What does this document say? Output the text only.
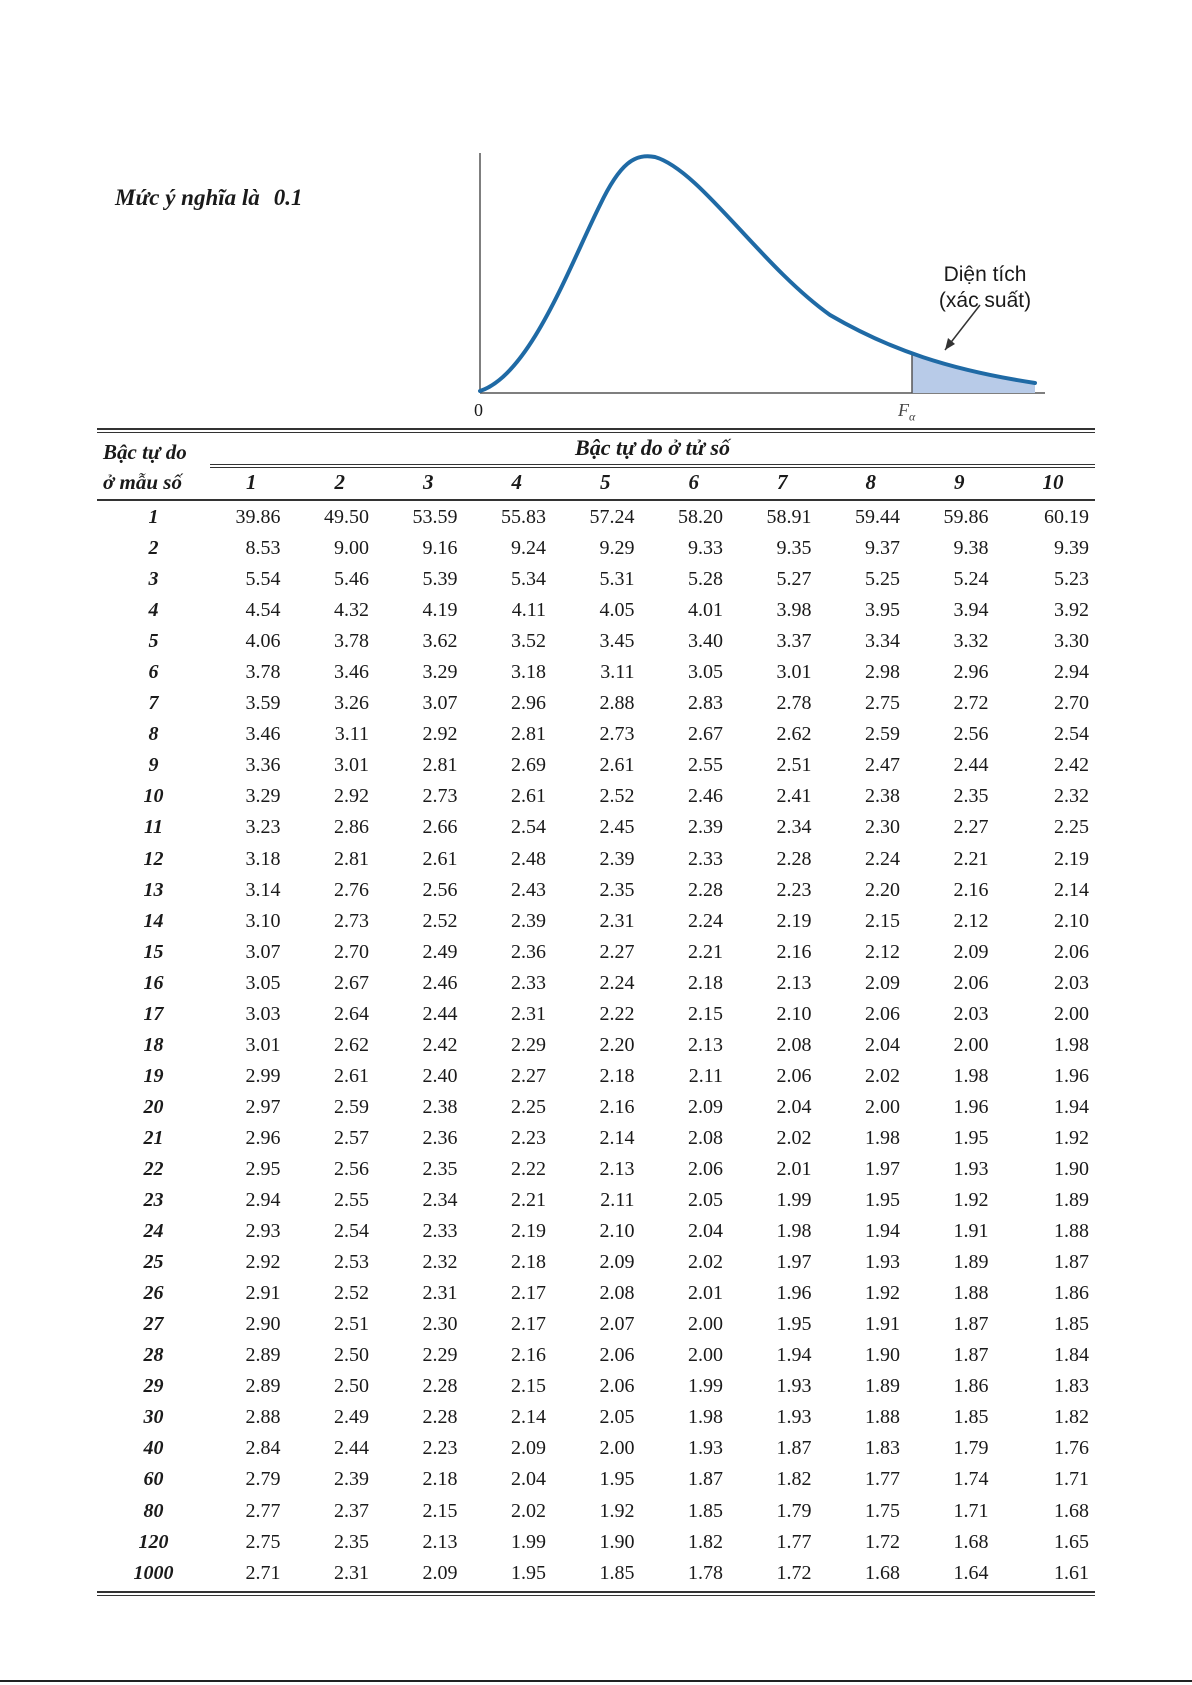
Mức ý nghĩa là 0.1
Diện tích
(xác suất)
0	$F_\alpha$
Bậc tự do
ở mẫu số
Bậc tự do ở tử số
1	2	3	4	5	6	7	8	9	10
1	39.86	49.50	53.59	55.83	57.24	58.20	58.91	59.44	59.86	60.19
2	8.53	9.00	9.16	9.24	9.29	9.33	9.35	9.37	9.38	9.39
3	5.54	5.46	5.39	5.34	5.31	5.28	5.27	5.25	5.24	5.23
4	4.54	4.32	4.19	4.11	4.05	4.01	3.98	3.95	3.94	3.92
5	4.06	3.78	3.62	3.52	3.45	3.40	3.37	3.34	3.32	3.30
6	3.78	3.46	3.29	3.18	3.11	3.05	3.01	2.98	2.96	2.94
7	3.59	3.26	3.07	2.96	2.88	2.83	2.78	2.75	2.72	2.70
8	3.46	3.11	2.92	2.81	2.73	2.67	2.62	2.59	2.56	2.54
9	3.36	3.01	2.81	2.69	2.61	2.55	2.51	2.47	2.44	2.42
10	3.29	2.92	2.73	2.61	2.52	2.46	2.41	2.38	2.35	2.32
11	3.23	2.86	2.66	2.54	2.45	2.39	2.34	2.30	2.27	2.25
12	3.18	2.81	2.61	2.48	2.39	2.33	2.28	2.24	2.21	2.19
13	3.14	2.76	2.56	2.43	2.35	2.28	2.23	2.20	2.16	2.14
14	3.10	2.73	2.52	2.39	2.31	2.24	2.19	2.15	2.12	2.10
15	3.07	2.70	2.49	2.36	2.27	2.21	2.16	2.12	2.09	2.06
16	3.05	2.67	2.46	2.33	2.24	2.18	2.13	2.09	2.06	2.03
17	3.03	2.64	2.44	2.31	2.22	2.15	2.10	2.06	2.03	2.00
18	3.01	2.62	2.42	2.29	2.20	2.13	2.08	2.04	2.00	1.98
19	2.99	2.61	2.40	2.27	2.18	2.11	2.06	2.02	1.98	1.96
20	2.97	2.59	2.38	2.25	2.16	2.09	2.04	2.00	1.96	1.94
21	2.96	2.57	2.36	2.23	2.14	2.08	2.02	1.98	1.95	1.92
22	2.95	2.56	2.35	2.22	2.13	2.06	2.01	1.97	1.93	1.90
23	2.94	2.55	2.34	2.21	2.11	2.05	1.99	1.95	1.92	1.89
24	2.93	2.54	2.33	2.19	2.10	2.04	1.98	1.94	1.91	1.88
25	2.92	2.53	2.32	2.18	2.09	2.02	1.97	1.93	1.89	1.87
26	2.91	2.52	2.31	2.17	2.08	2.01	1.96	1.92	1.88	1.86
27	2.90	2.51	2.30	2.17	2.07	2.00	1.95	1.91	1.87	1.85
28	2.89	2.50	2.29	2.16	2.06	2.00	1.94	1.90	1.87	1.84
29	2.89	2.50	2.28	2.15	2.06	1.99	1.93	1.89	1.86	1.83
30	2.88	2.49	2.28	2.14	2.05	1.98	1.93	1.88	1.85	1.82
40	2.84	2.44	2.23	2.09	2.00	1.93	1.87	1.83	1.79	1.76
60	2.79	2.39	2.18	2.04	1.95	1.87	1.82	1.77	1.74	1.71
80	2.77	2.37	2.15	2.02	1.92	1.85	1.79	1.75	1.71	1.68
120	2.75	2.35	2.13	1.99	1.90	1.82	1.77	1.72	1.68	1.65
1000	2.71	2.31	2.09	1.95	1.85	1.78	1.72	1.68	1.64	1.61
